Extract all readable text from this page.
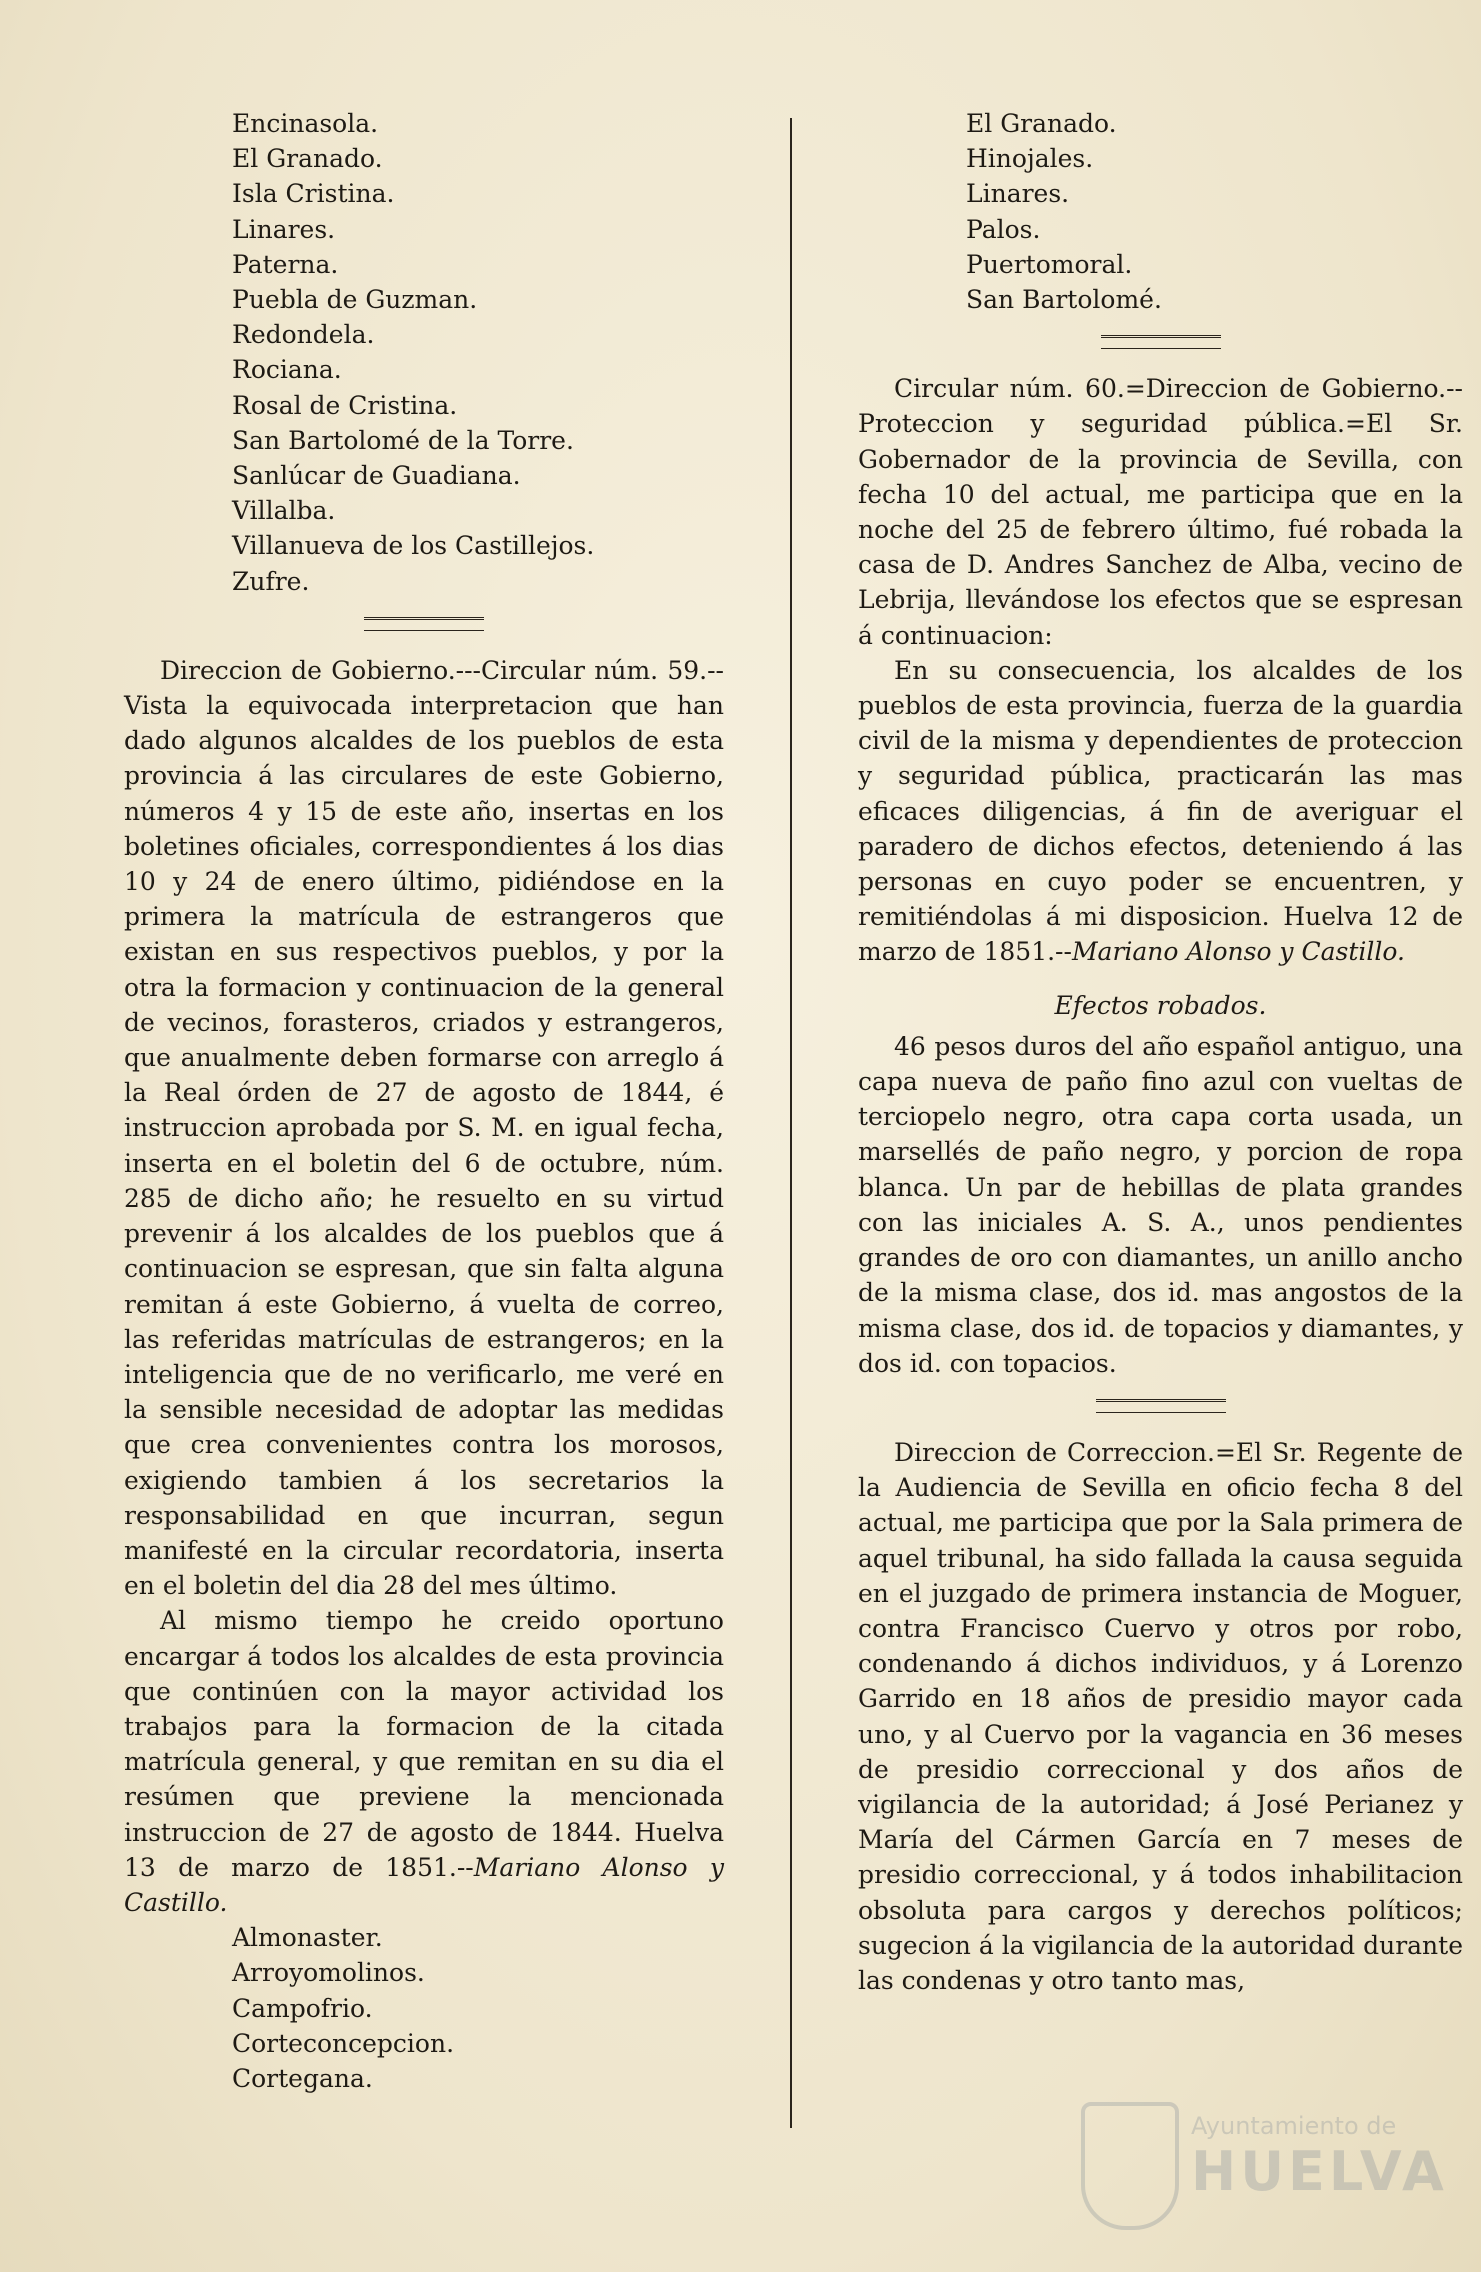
Encinasola.
El Granado.
Isla Cristina.
Linares.
Paterna.
Puebla de Guzman.
Redondela.
Rociana.
Rosal de Cristina.
San Bartolomé de la Torre.
Sanlúcar de Guadiana.
Villalba.
Villanueva de los Castillejos.
Zufre.

Direccion de Gobierno.---Circular núm. 59.--Vista la equivocada interpretacion que han dado algunos alcaldes de los pueblos de esta provincia á las circulares de este Gobierno, números 4 y 15 de este año, insertas en los boletines oficiales, correspondientes á los dias 10 y 24 de enero último, pidiéndose en la primera la matrícula de estrangeros que existan en sus respectivos pueblos, y por la otra la formacion y continuacion de la general de vecinos, forasteros, criados y estrangeros, que anualmente deben formarse con arreglo á la Real órden de 27 de agosto de 1844, é instruccion aprobada por S. M. en igual fecha, inserta en el boletin del 6 de octubre, núm. 285 de dicho año; he resuelto en su virtud prevenir á los alcaldes de los pueblos que á continuacion se espresan, que sin falta alguna remitan á este Gobierno, á vuelta de correo, las referidas matrículas de estrangeros; en la inteligencia que de no verificarlo, me veré en la sensible necesidad de adoptar las medidas que crea convenientes contra los morosos, exigiendo tambien á los secretarios la responsabilidad en que incurran, segun manifesté en la circular recordatoria, inserta en el boletin del dia 28 del mes último.

Al mismo tiempo he creido oportuno encargar á todos los alcaldes de esta provincia que continúen con la mayor actividad los trabajos para la formacion de la citada matrícula general, y que remitan en su dia el resúmen que previene la mencionada instruccion de 27 de agosto de 1844. Huelva 13 de marzo de 1851.--Mariano Alonso y Castillo.

Almonaster.
Arroyomolinos.
Campofrio.
Corteconcepcion.
Cortegana.
El Granado.
Hinojales.
Linares.
Palos.
Puertomoral.
San Bartolomé.

Circular núm. 60.=Direccion de Gobierno.--Proteccion y seguridad pública.=El Sr. Gobernador de la provincia de Sevilla, con fecha 10 del actual, me participa que en la noche del 25 de febrero último, fué robada la casa de D. Andres Sanchez de Alba, vecino de Lebrija, llevándose los efectos que se espresan á continuacion:

En su consecuencia, los alcaldes de los pueblos de esta provincia, fuerza de la guardia civil de la misma y dependientes de proteccion y seguridad pública, practicarán las mas eficaces diligencias, á fin de averiguar el paradero de dichos efectos, deteniendo á las personas en cuyo poder se encuentren, y remitiéndolas á mi disposicion. Huelva 12 de marzo de 1851.--Mariano Alonso y Castillo.

Efectos robados.

46 pesos duros del año español antiguo, una capa nueva de paño fino azul con vueltas de terciopelo negro, otra capa corta usada, un marsellés de paño negro, y porcion de ropa blanca. Un par de hebillas de plata grandes con las iniciales A. S. A., unos pendientes grandes de oro con diamantes, un anillo ancho de la misma clase, dos id. mas angostos de la misma clase, dos id. de topacios y diamantes, y dos id. con topacios.

Direccion de Correccion.=El Sr. Regente de la Audiencia de Sevilla en oficio fecha 8 del actual, me participa que por la Sala primera de aquel tribunal, ha sido fallada la causa seguida en el juzgado de primera instancia de Moguer, contra Francisco Cuervo y otros por robo, condenando á dichos individuos, y á Lorenzo Garrido en 18 años de presidio mayor cada uno, y al Cuervo por la vagancia en 36 meses de presidio correccional y dos años de vigilancia de la autoridad; á José Perianez y María del Cármen García en 7 meses de presidio correccional, y á todos inhabilitacion obsoluta para cargos y derechos políticos; sugecion á la vigilancia de la autoridad durante las condenas y otro tanto mas,

Ayuntamiento de
HUELVA
